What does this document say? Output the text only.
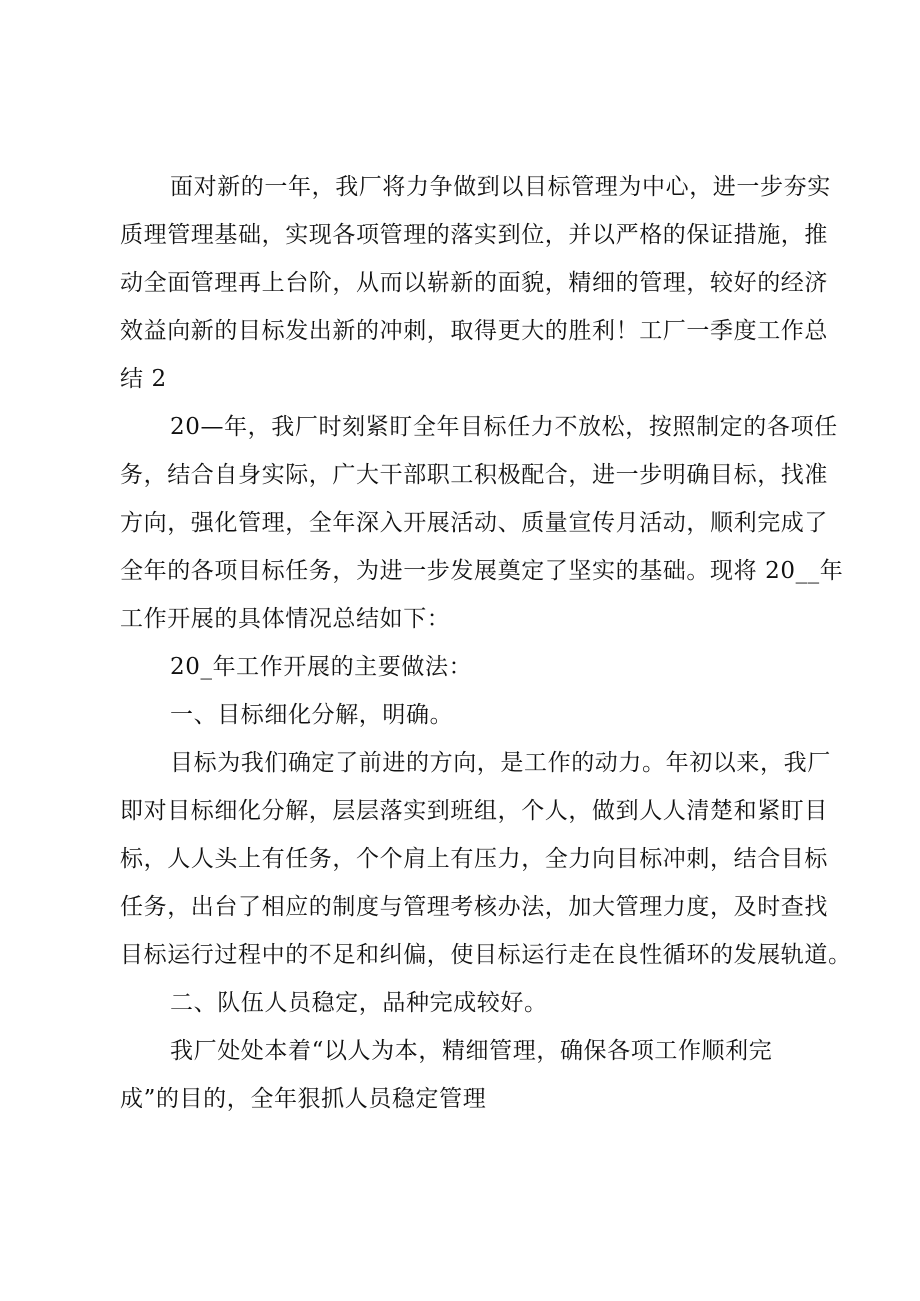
面对新的一年，我厂将力争做到以目标管理为中心，进一步夯实

质理管理基础，实现各项管理的落实到位，并以严格的保证措施，推

动全面管理再上台阶，从而以崭新的面貌，精细的管理，较好的经济

效益向新的目标发出新的冲刺，取得更大的胜利！工厂一季度工作总

结 2

20—年，我厂时刻紧盯全年目标任力不放松，按照制定的各项任

务，结合自身实际，广大干部职工积极配合，进一步明确目标，找准

方向，强化管理，全年深入开展活动、质量宣传月活动，顺利完成了

全年的各项目标任务，为进一步发展奠定了坚实的基础。现将 20__年

工作开展的具体情况总结如下：

20_年工作开展的主要做法：

一、目标细化分解，明确。

目标为我们确定了前进的方向，是工作的动力。年初以来，我厂

即对目标细化分解，层层落实到班组，个人，做到人人清楚和紧盯目

标，人人头上有任务，个个肩上有压力，全力向目标冲刺，结合目标

任务，出台了相应的制度与管理考核办法，加大管理力度，及时查找

目标运行过程中的不足和纠偏，使目标运行走在良性循环的发展轨道。

二、队伍人员稳定，品种完成较好。

我厂处处本着“以人为本，精细管理，确保各项工作顺利完

成”的目的，全年狠抓人员稳定管理
